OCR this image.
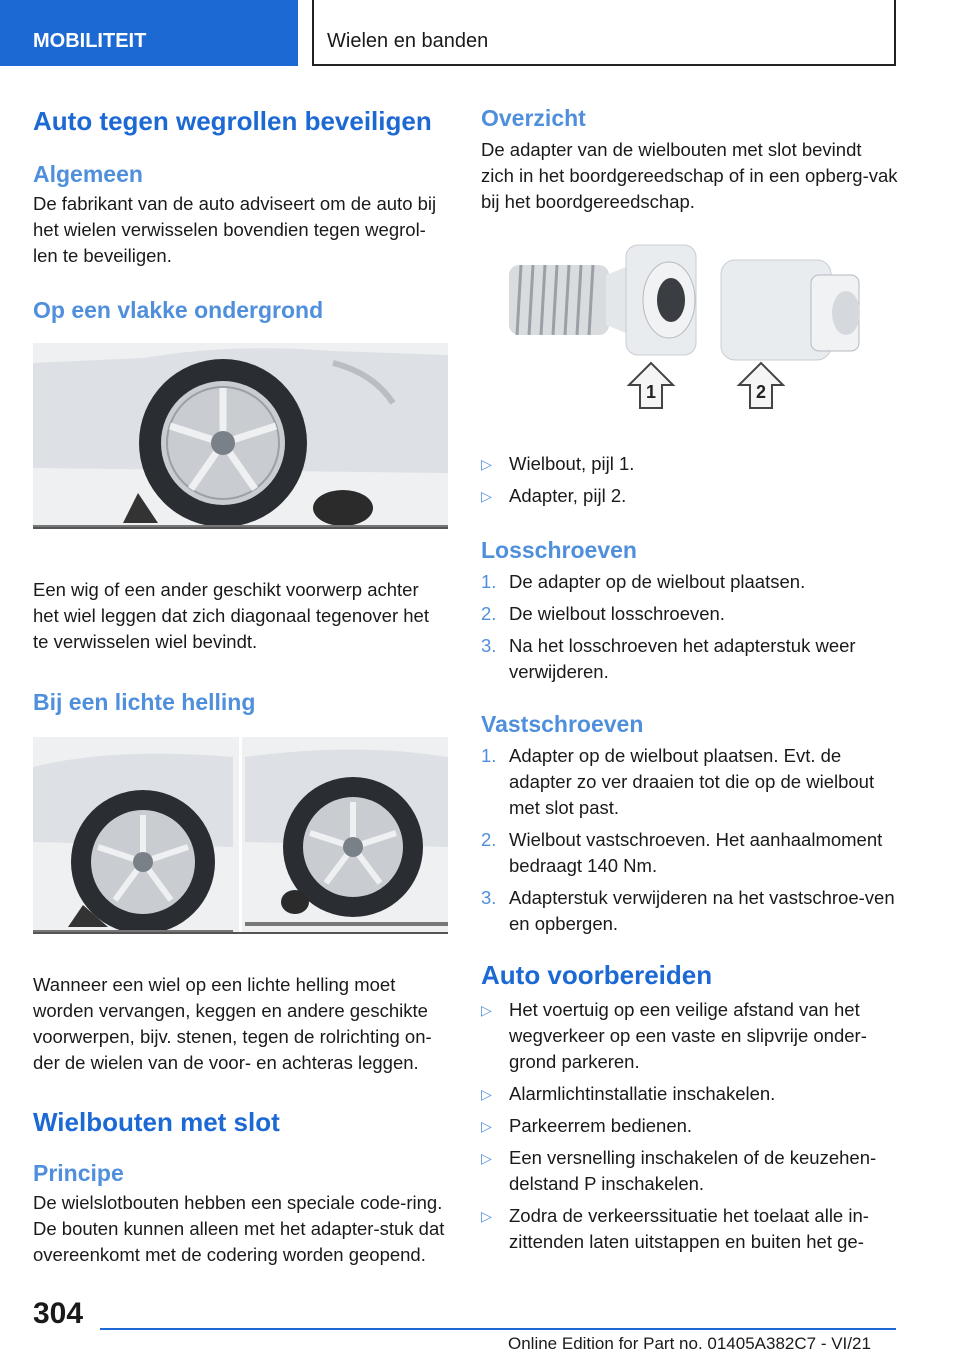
MOBILITEIT	Wielen en banden
Auto tegen wegrollen beveiligen
Algemeen
De fabrikant van de auto adviseert om de auto bij het wielen verwisselen bovendien tegen wegrol-len te beveiligen.
Op een vlakke ondergrond
Een wig of een ander geschikt voorwerp achter het wiel leggen dat zich diagonaal tegenover het te verwisselen wiel bevindt.
Bij een lichte helling
Wanneer een wiel op een lichte helling moet worden vervangen, keggen en andere geschikte voorwerpen, bijv. stenen, tegen de rolrichting on-der de wielen van de voor- en achteras leggen.
Wielbouten met slot
Principe
De wielslotbouten hebben een speciale code-ring. De bouten kunnen alleen met het adapter-stuk dat overeenkomt met de codering worden geopend.
Overzicht
De adapter van de wielbouten met slot bevindt zich in het boordgereedschap of in een opberg-vak bij het boordgereedschap.
1	2
▷ Wielbout, pijl 1.
▷ Adapter, pijl 2.
Losschroeven
1. De adapter op de wielbout plaatsen.
2. De wielbout losschroeven.
3. Na het losschroeven het adapterstuk weer verwijderen.
Vastschroeven
1. Adapter op de wielbout plaatsen. Evt. de adapter zo ver draaien tot die op de wielbout met slot past.
2. Wielbout vastschroeven. Het aanhaalmoment bedraagt 140 Nm.
3. Adapterstuk verwijderen na het vastschroe-ven en opbergen.
Auto voorbereiden
▷ Het voertuig op een veilige afstand van het wegverkeer op een vaste en slipvrije onder-grond parkeren.
▷ Alarmlichtinstallatie inschakelen.
▷ Parkeerrem bedienen.
▷ Een versnelling inschakelen of de keuzehen-delstand P inschakelen.
▷ Zodra de verkeerssituatie het toelaat alle in-zittenden laten uitstappen en buiten het ge-
304
Online Edition for Part no. 01405A382C7 - VI/21
